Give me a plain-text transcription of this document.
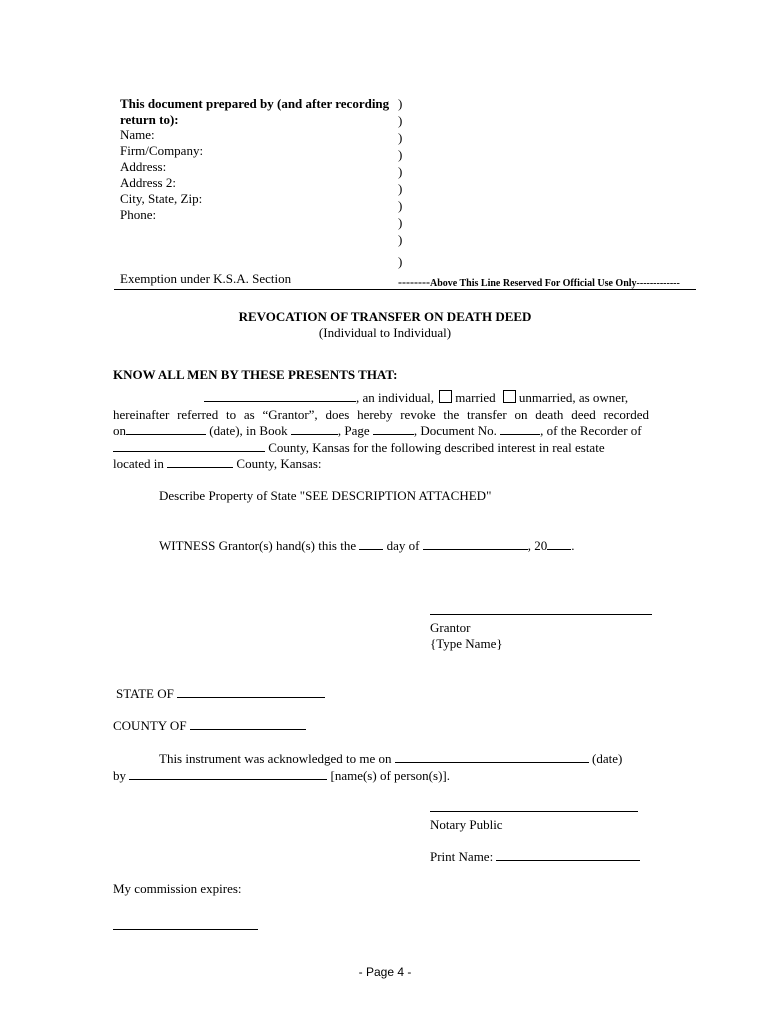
This document prepared by (and after recording
return to):
Name:
Firm/Company:
Address:
Address 2:
City, State, Zip:
Phone:
Exemption under K.S.A. Section
)
)
)
)
)
)
)
)
)
)
--------Above This Line Reserved For Official Use Only-------------
REVOCATION OF TRANSFER ON DEATH DEED
(Individual to Individual)
KNOW ALL MEN BY THESE PRESENTS THAT:
, an individual, married unmarried, as owner,
hereinafter referred to as “Grantor”, does hereby revoke the transfer on death deed recorded
on	(date), in Book	, Page	, Document No.	, of the Recorder of
County, Kansas for the following described interest in real estate
located in	County, Kansas:
Describe Property of State "SEE DESCRIPTION ATTACHED"
WITNESS Grantor(s) hand(s) this the day of	, 20 .
Grantor
{Type Name}
STATE OF
COUNTY OF
This instrument was acknowledged to me on	(date)
by	[name(s) of person(s)].
Notary Public
Print Name:
My commission expires:
- Page 4 -
